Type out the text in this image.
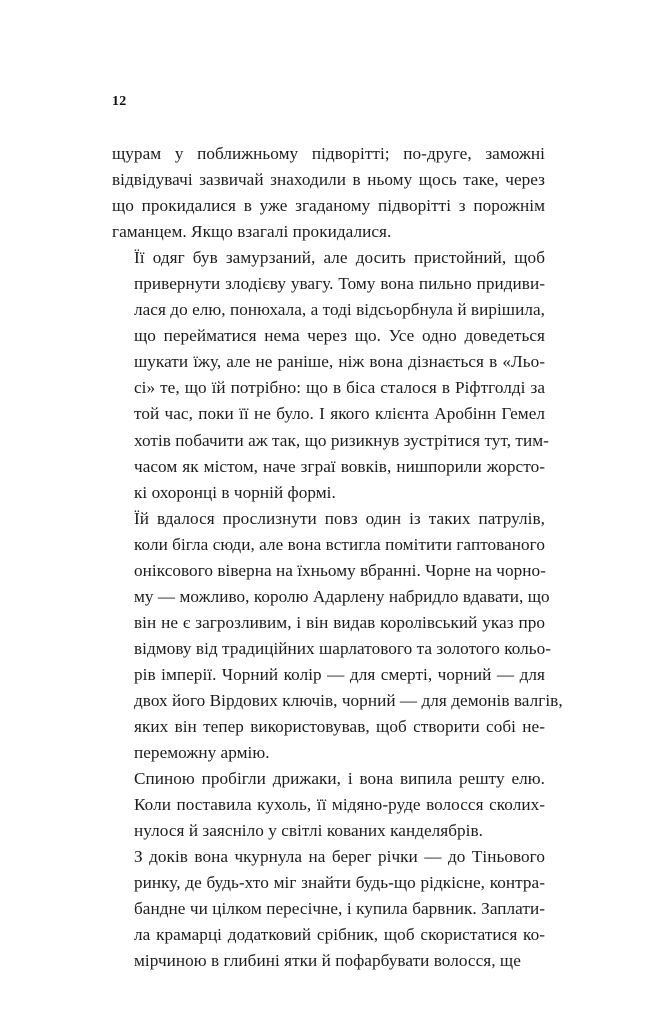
12

щурам у поближньому підворітті; по-друге, заможні
відвідувачі зазвичай знаходили в ньому щось таке, через
що прокидалися в уже згаданому підворітті з порожнім
гаманцем. Якщо взагалі прокидалися.

Її одяг був замурзаний, але досить пристойний, щоб
привернути злодієву увагу. Тому вона пильно придиви-
лася до елю, понюхала, а тоді відсьорбнула й вирішила,
що перейматися нема через що. Усе одно доведеться
шукати їжу, але не раніше, ніж вона дізнається в «Льо-
сі» те, що їй потрібно: що в біса сталося в Ріфтголді за
той час, поки її не було. І якого клієнта Аробінн Гемел
хотів побачити аж так, що ризикнув зустрітися тут, тим-
часом як містом, наче зграї вовків, нишпорили жорсто-
кі охоронці в чорній формі.

Їй вдалося прослизнути повз один із таких патрулів,
коли бігла сюди, але вона встигла помітити гаптованого
оніксового віверна на їхньому вбранні. Чорне на чорно-
му — можливо, королю Адарлену набридло вдавати, що
він не є загрозливим, і він видав королівський указ про
відмову від традиційних шарлатового та золотого кольо-
рів імперії. Чорний колір — для смерті, чорний — для
двох його Вірдових ключів, чорний — для демонів валгів,
яких він тепер використовував, щоб створити собі не-
переможну армію.

Спиною пробігли дрижаки, і вона випила решту елю.
Коли поставила кухоль, її мідяно-руде волосся сколих-
нулося й заясніло у світлі кованих канделябрів.

З доків вона чкурнула на берег річки — до Тіньового
ринку, де будь-хто міг знайти будь-що рідкісне, контра-
бандне чи цілком пересічне, і купила барвник. Заплати-
ла крамарці додатковий срібник, щоб скористатися ко-
мірчиною в глибині ятки й пофарбувати волосся, ще
